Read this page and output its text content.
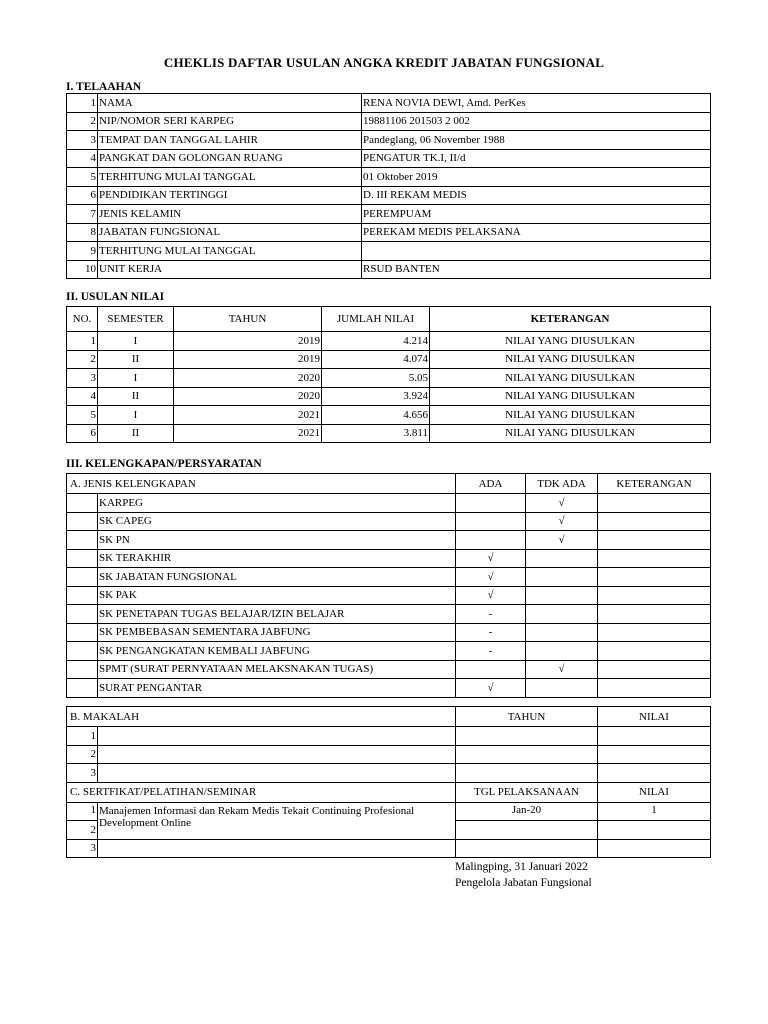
CHEKLIS DAFTAR USULAN ANGKA KREDIT JABATAN FUNGSIONAL
I. TELAAHAN
1	NAMA	RENA NOVIA DEWI, Amd. PerKes
2	NIP/NOMOR SERI KARPEG	19881106 201503 2 002
3	TEMPAT DAN TANGGAL LAHIR	Pandeglang, 06 November 1988
4	PANGKAT DAN GOLONGAN RUANG	PENGATUR TK.I, II/d
5	TERHITUNG MULAI TANGGAL	01 Oktober 2019
6	PENDIDIKAN TERTINGGI	D. III REKAM MEDIS
7	JENIS KELAMIN	PEREMPUAM
8	JABATAN FUNGSIONAL	PEREKAM MEDIS PELAKSANA
9	TERHITUNG MULAI TANGGAL	
10	UNIT KERJA	RSUD BANTEN
II. USULAN NILAI
NO.	SEMESTER	TAHUN	JUMLAH NILAI	KETERANGAN
1	I	2019	4.214	NILAI YANG DIUSULKAN
2	II	2019	4.074	NILAI YANG DIUSULKAN
3	I	2020	5.05	NILAI YANG DIUSULKAN
4	II	2020	3.924	NILAI YANG DIUSULKAN
5	I	2021	4.656	NILAI YANG DIUSULKAN
6	II	2021	3.811	NILAI YANG DIUSULKAN
III. KELENGKAPAN/PERSYARATAN
A. JENIS KELENGKAPAN		ADA	TDK ADA	KETERANGAN
	KARPEG		√	
	SK CAPEG		√	
	SK PN		√	
	SK TERAKHIR	√		
	SK JABATAN FUNGSIONAL	√		
	SK PAK	√		
	SK PENETAPAN TUGAS BELAJAR/IZIN BELAJAR	-		
	SK PEMBEBASAN SEMENTARA JABFUNG	-		
	SK PENGANGKATAN KEMBALI JABFUNG	-		
	SPMT (SURAT PERNYATAAN MELAKSNAKAN TUGAS)		√	
	SURAT PENGANTAR	√		
B. MAKALAH		TAHUN	NILAI
1			
2			
3			
C. SERTFIKAT/PELATIHAN/SEMINAR		TGL PELAKSANAAN	NILAI
1	Manajemen Informasi dan Rekam Medis Tekait Continuing Profesional Development Online	Jan-20	1
2			
3			
Malingping, 31 Januari 2022
Pengelola Jabatan Fungsional
